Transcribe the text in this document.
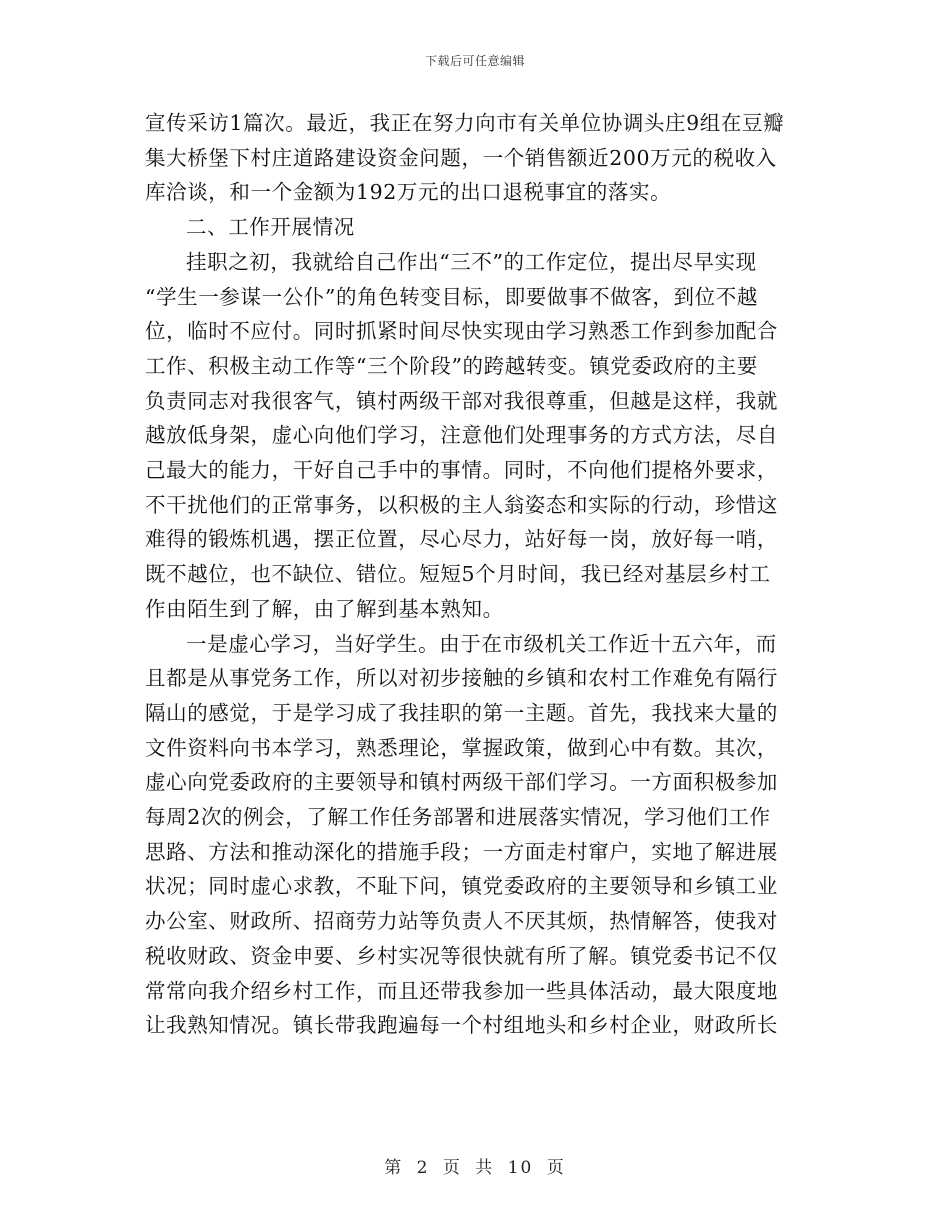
下载后可任意编辑

宣传采访1篇次。最近，我正在努力向市有关单位协调头庄9组在豆瓣
集大桥堡下村庄道路建设资金问题，一个销售额近200万元的税收入
库洽谈，和一个金额为192万元的出口退税事宜的落实。

二、工作开展情况

挂职之初，我就给自己作出“三不”的工作定位，提出尽早实现
“学生一参谋一公仆”的角色转变目标，即要做事不做客，到位不越
位，临时不应付。同时抓紧时间尽快实现由学习熟悉工作到参加配合
工作、积极主动工作等“三个阶段”的跨越转变。镇党委政府的主要
负责同志对我很客气，镇村两级干部对我很尊重，但越是这样，我就
越放低身架，虚心向他们学习，注意他们处理事务的方式方法，尽自
己最大的能力，干好自己手中的事情。同时，不向他们提格外要求，
不干扰他们的正常事务，以积极的主人翁姿态和实际的行动，珍惜这
难得的锻炼机遇，摆正位置，尽心尽力，站好每一岗，放好每一哨，
既不越位，也不缺位、错位。短短5个月时间，我已经对基层乡村工
作由陌生到了解，由了解到基本熟知。

一是虚心学习，当好学生。由于在市级机关工作近十五六年，而
且都是从事党务工作，所以对初步接触的乡镇和农村工作难免有隔行
隔山的感觉，于是学习成了我挂职的第一主题。首先，我找来大量的
文件资料向书本学习，熟悉理论，掌握政策，做到心中有数。其次，
虚心向党委政府的主要领导和镇村两级干部们学习。一方面积极参加
每周2次的例会，了解工作任务部署和进展落实情况，学习他们工作
思路、方法和推动深化的措施手段；一方面走村窜户，实地了解进展
状况；同时虚心求教，不耻下问，镇党委政府的主要领导和乡镇工业
办公室、财政所、招商劳力站等负责人不厌其烦，热情解答，使我对
税收财政、资金申要、乡村实况等很快就有所了解。镇党委书记不仅
常常向我介绍乡村工作，而且还带我参加一些具体活动，最大限度地
让我熟知情况。镇长带我跑遍每一个村组地头和乡村企业，财政所长

第 2 页 共 10 页
